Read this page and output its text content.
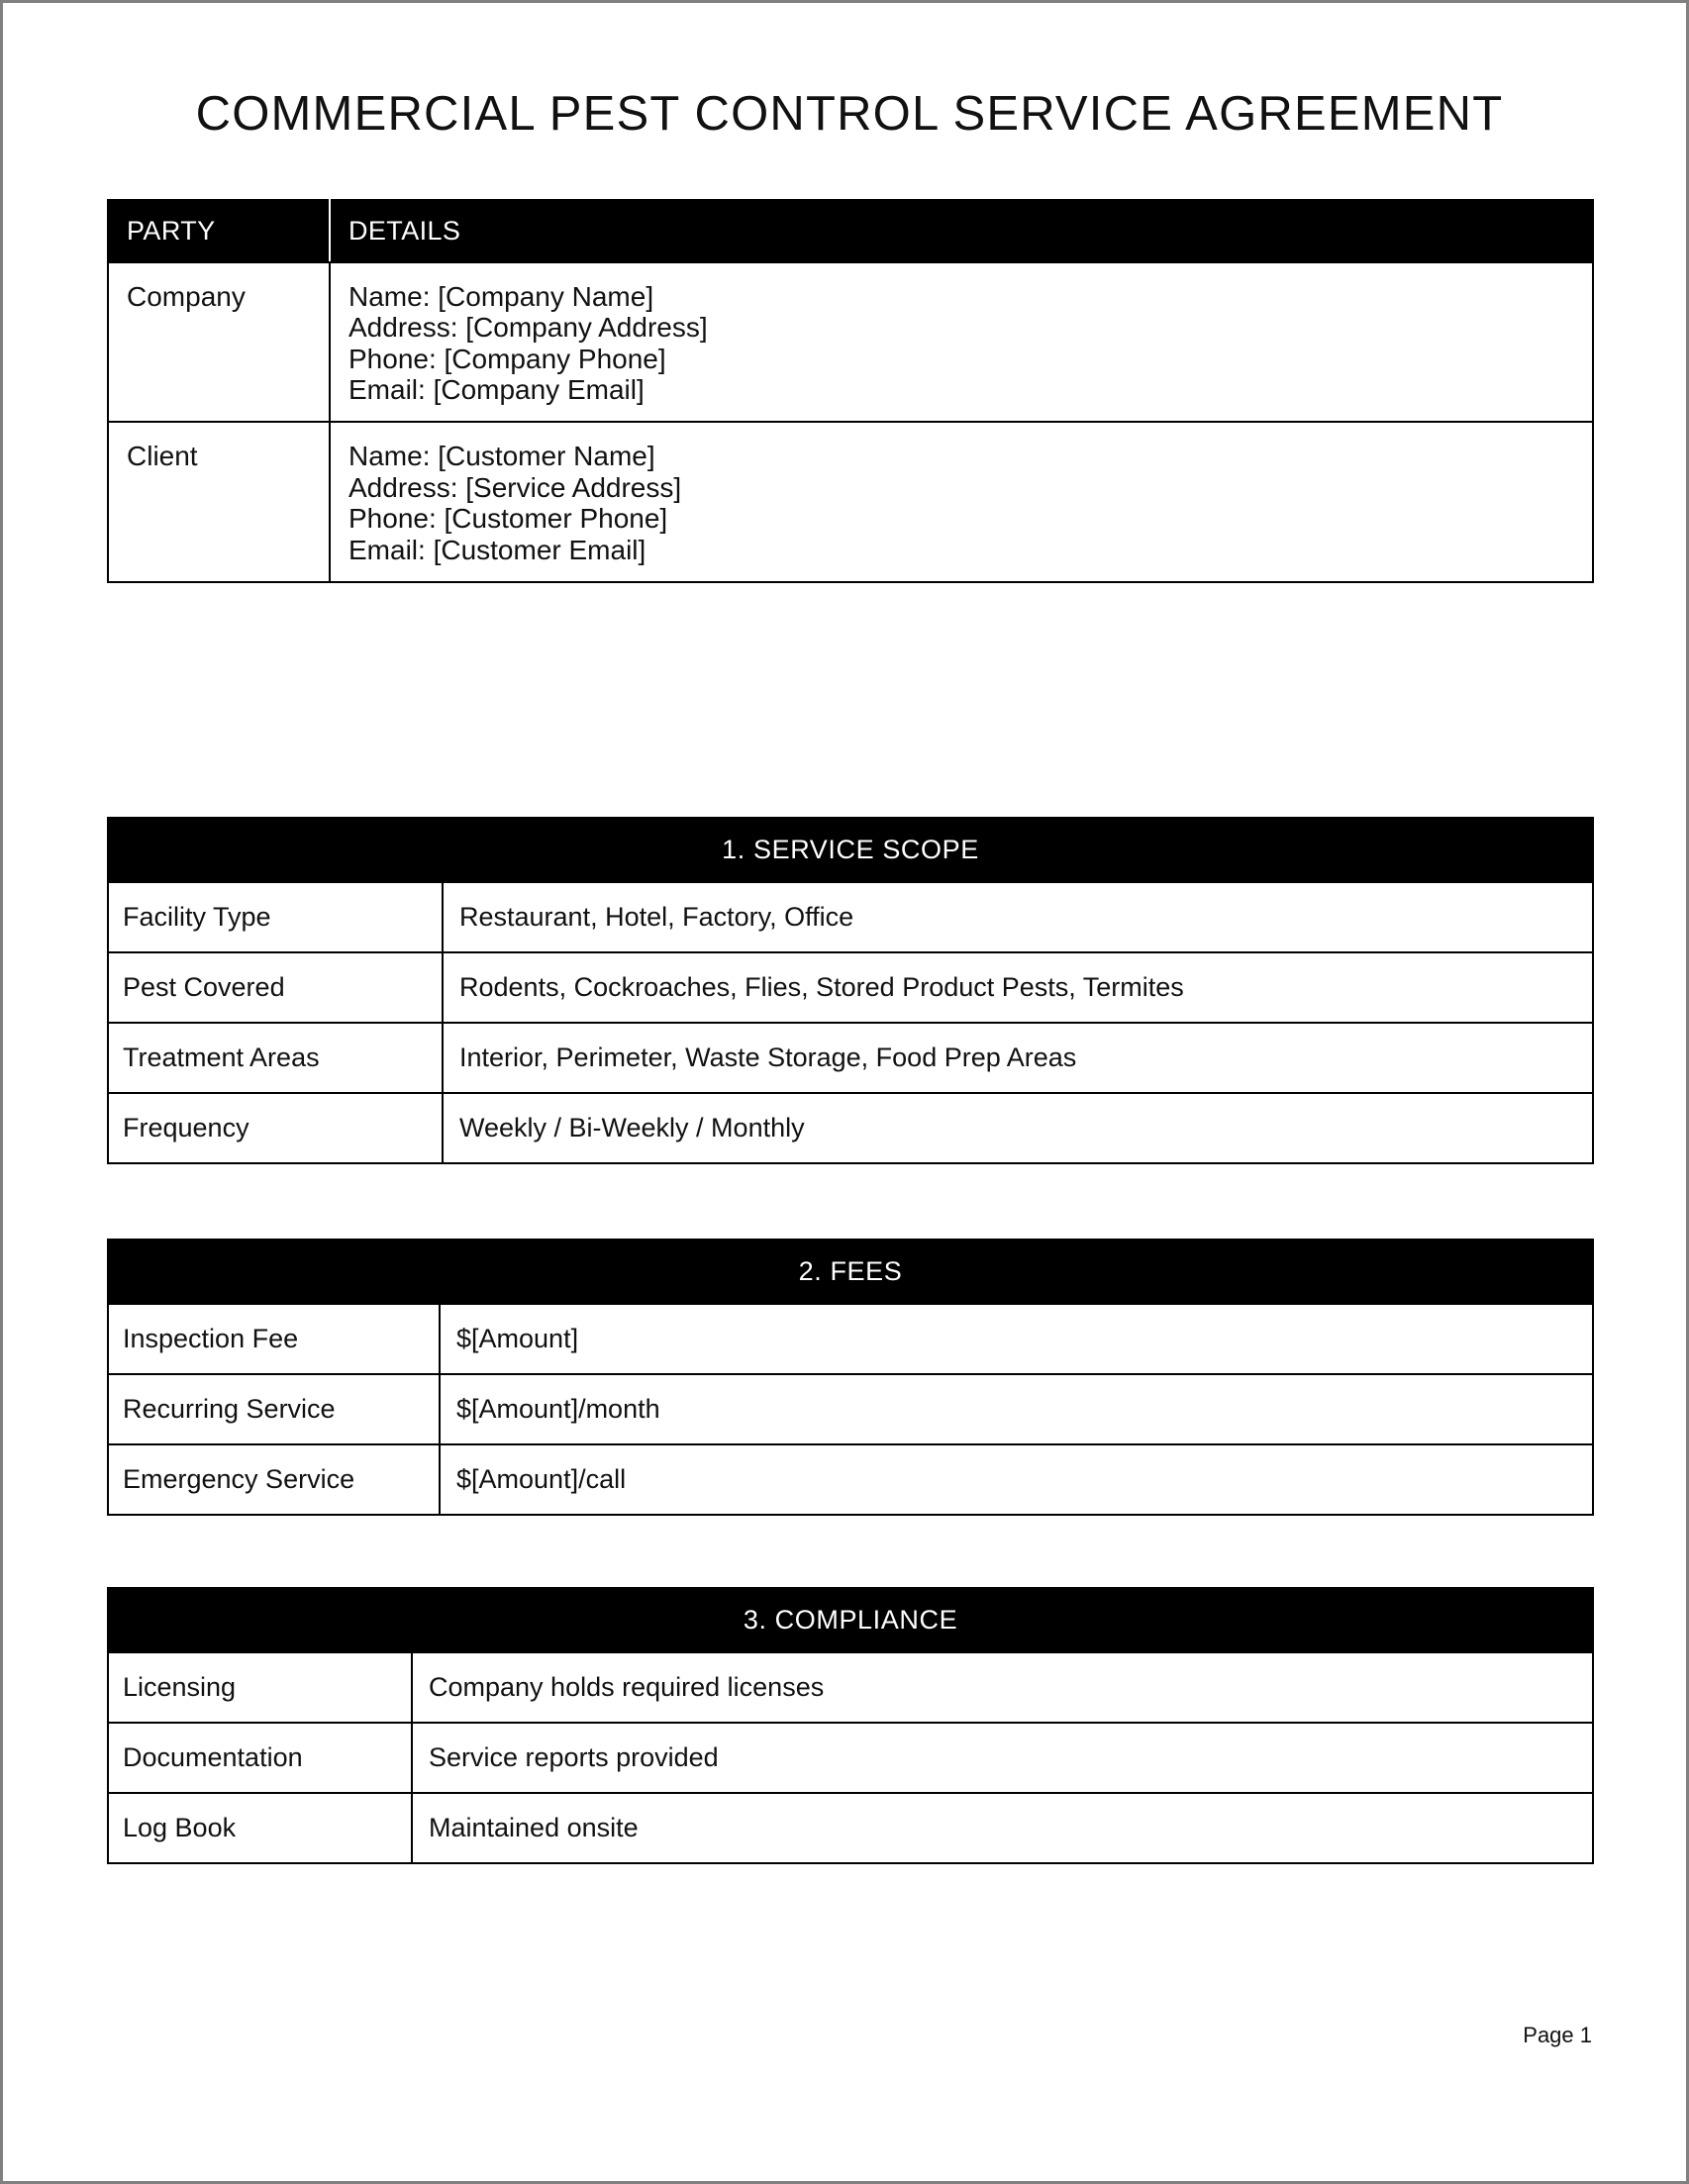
COMMERCIAL PEST CONTROL SERVICE AGREEMENT
PARTY	DETAILS
Company	Name: [Company Name]
Address: [Company Address]
Phone: [Company Phone]
Email: [Company Email]

Client	Name: [Customer Name]
Address: [Service Address]
Phone: [Customer Phone]
Email: [Customer Email]
1. SERVICE SCOPE	
Facility Type	Restaurant, Hotel, Factory, Office
Pest Covered	Rodents, Cockroaches, Flies, Stored Product Pests, Termites
Treatment Areas	Interior, Perimeter, Waste Storage, Food Prep Areas
Frequency	Weekly / Bi-Weekly / Monthly
2. FEES	
Inspection Fee	$[Amount]
Recurring Service	$[Amount]/month
Emergency Service	$[Amount]/call
3. COMPLIANCE	
Licensing	Company holds required licenses
Documentation	Service reports provided
Log Book	Maintained onsite
Page 1
